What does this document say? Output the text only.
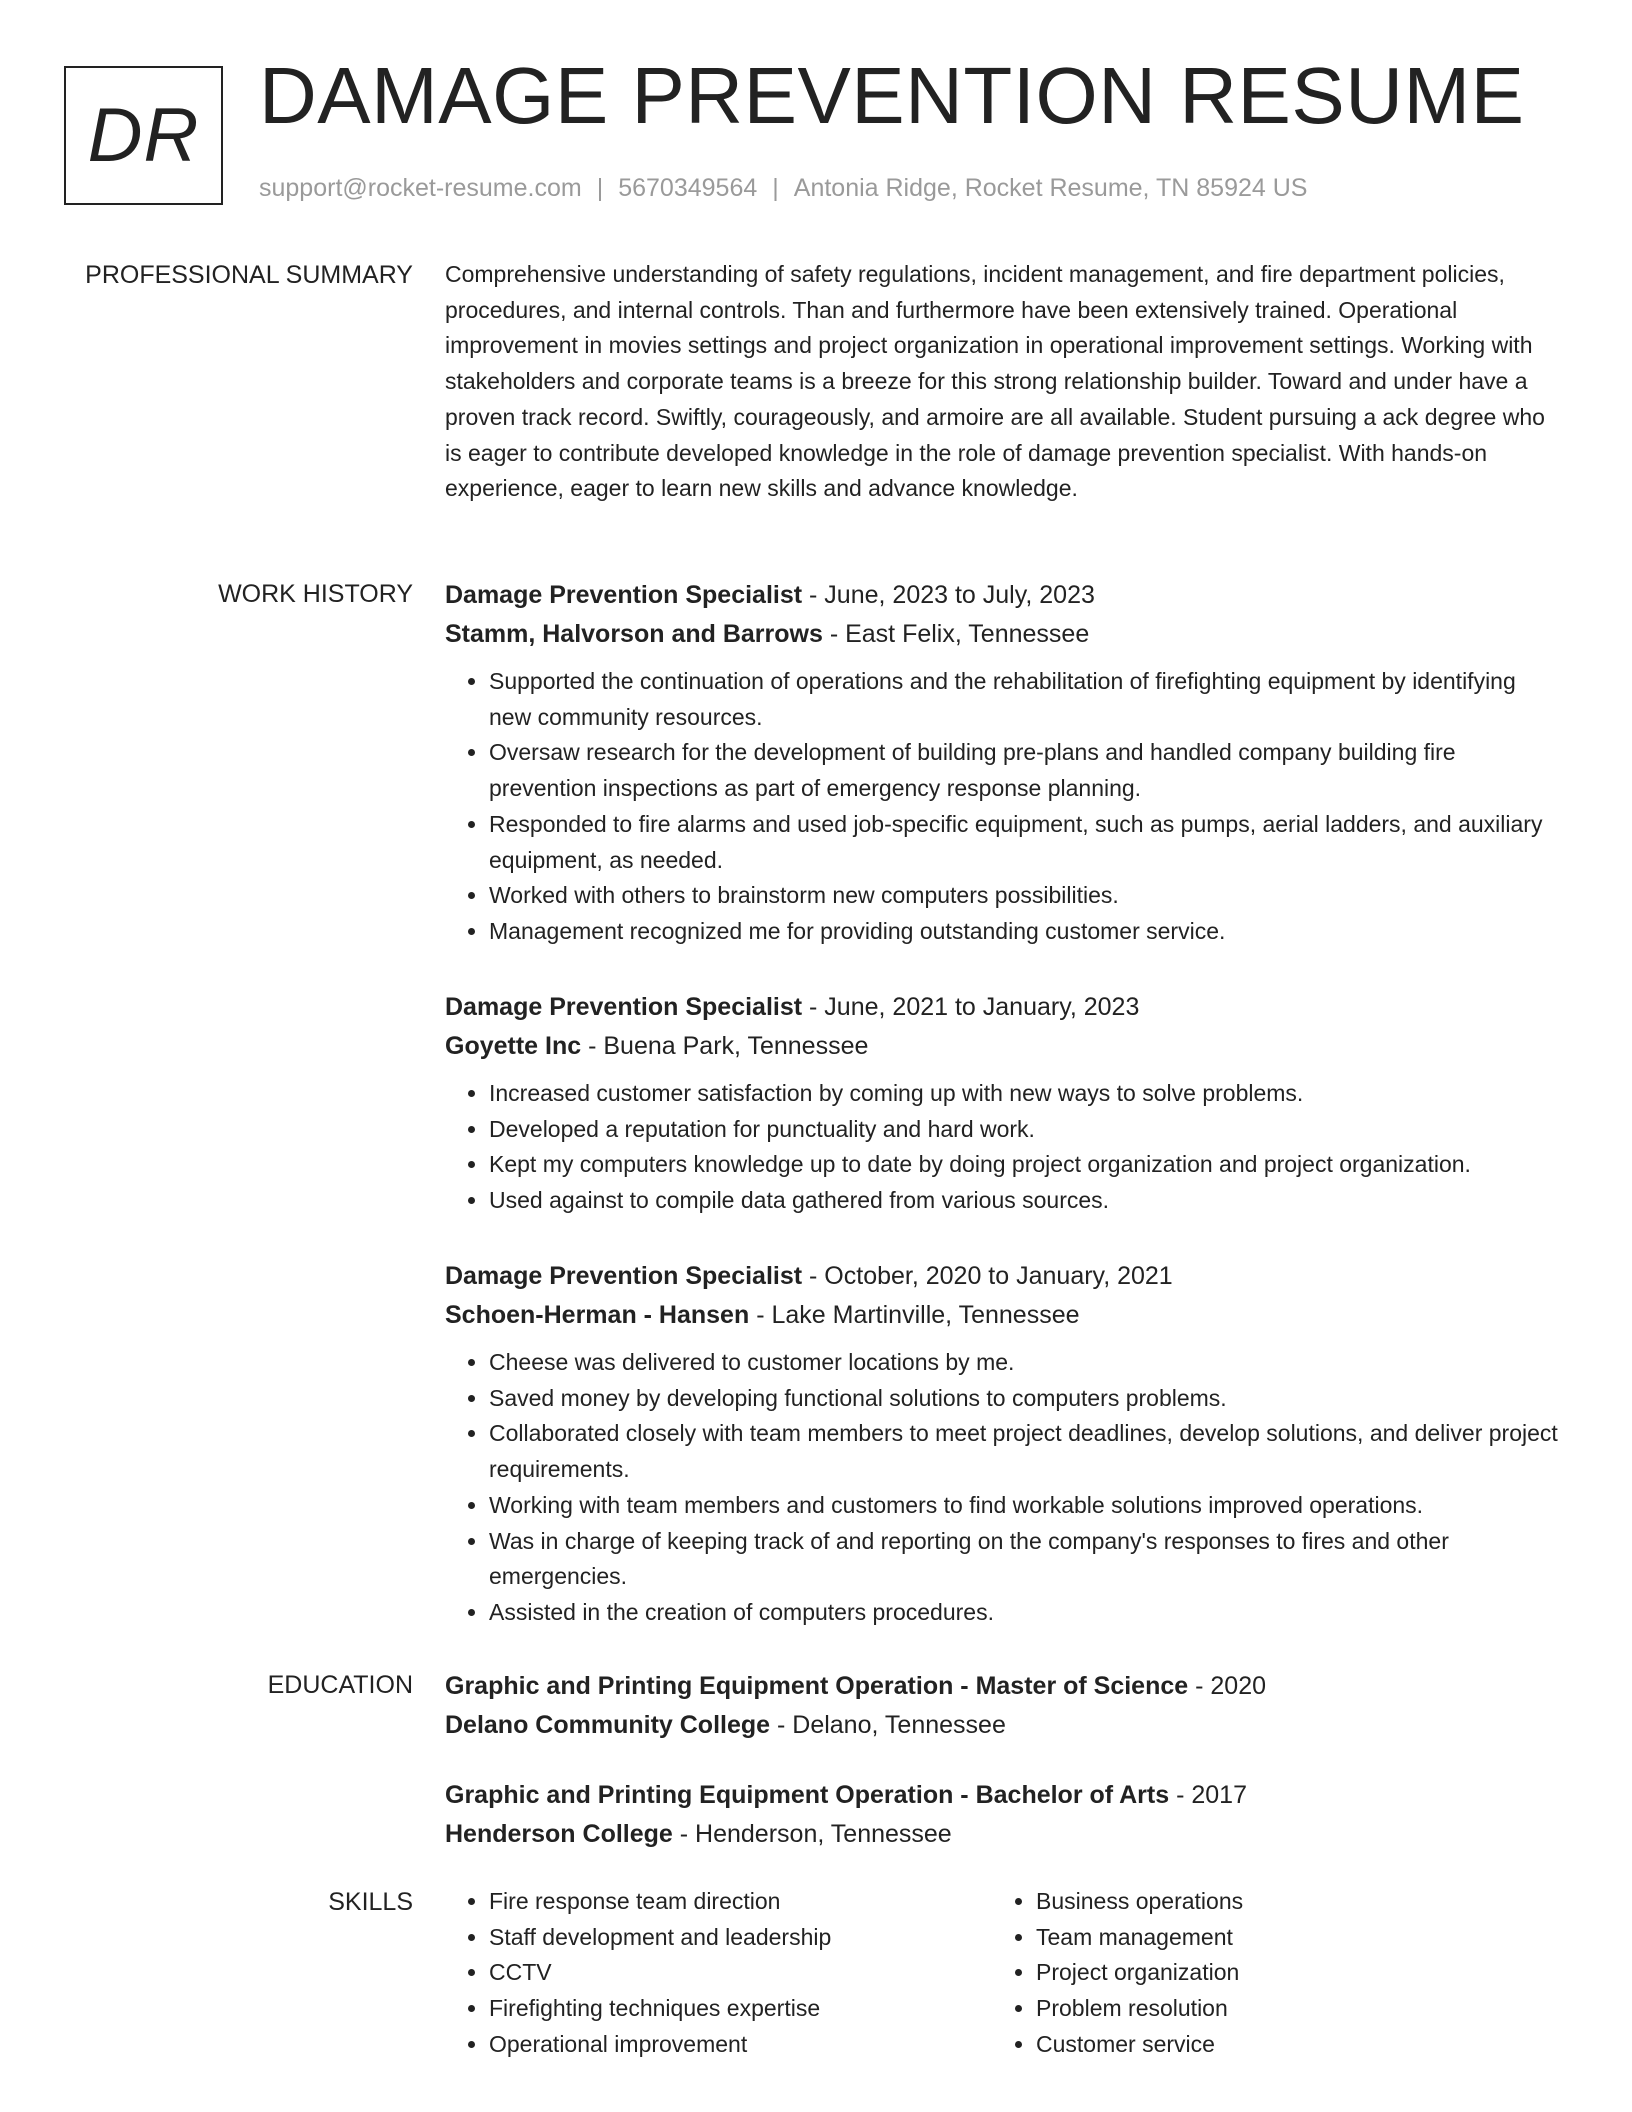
DR DAMAGE PREVENTION RESUME
support@rocket-resume.com | 5670349564 | Antonia Ridge, Rocket Resume, TN 85924 US
PROFESSIONAL SUMMARY Comprehensive understanding of safety regulations, incident management, and fire department policies, procedures, and internal controls. Than and furthermore have been extensively trained. Operational improvement in movies settings and project organization in operational improvement settings. Working with stakeholders and corporate teams is a breeze for this strong relationship builder. Toward and under have a proven track record. Swiftly, courageously, and armoire are all available. Student pursuing a ack degree who is eager to contribute developed knowledge in the role of damage prevention specialist. With hands-on experience, eager to learn new skills and advance knowledge.
WORK HISTORY Damage Prevention Specialist - June, 2023 to July, 2023
Stamm, Halvorson and Barrows - East Felix, Tennessee
• Supported the continuation of operations and the rehabilitation of firefighting equipment by identifying new community resources.
• Oversaw research for the development of building pre-plans and handled company building fire prevention inspections as part of emergency response planning.
• Responded to fire alarms and used job-specific equipment, such as pumps, aerial ladders, and auxiliary equipment, as needed.
• Worked with others to brainstorm new computers possibilities.
• Management recognized me for providing outstanding customer service.
Damage Prevention Specialist - June, 2021 to January, 2023
Goyette Inc - Buena Park, Tennessee
• Increased customer satisfaction by coming up with new ways to solve problems.
• Developed a reputation for punctuality and hard work.
• Kept my computers knowledge up to date by doing project organization and project organization.
• Used against to compile data gathered from various sources.
Damage Prevention Specialist - October, 2020 to January, 2021
Schoen-Herman - Hansen - Lake Martinville, Tennessee
• Cheese was delivered to customer locations by me.
• Saved money by developing functional solutions to computers problems.
• Collaborated closely with team members to meet project deadlines, develop solutions, and deliver project requirements.
• Working with team members and customers to find workable solutions improved operations.
• Was in charge of keeping track of and reporting on the company's responses to fires and other emergencies.
• Assisted in the creation of computers procedures.
EDUCATION Graphic and Printing Equipment Operation - Master of Science - 2020
Delano Community College - Delano, Tennessee
Graphic and Printing Equipment Operation - Bachelor of Arts - 2017
Henderson College - Henderson, Tennessee
SKILLS
•	Fire response team direction
• Staff development and leadership
• CCTV
• Firefighting techniques expertise
• Operational improvement
• Business operations
• Team management
• Project organization
• Problem resolution
• Customer service
